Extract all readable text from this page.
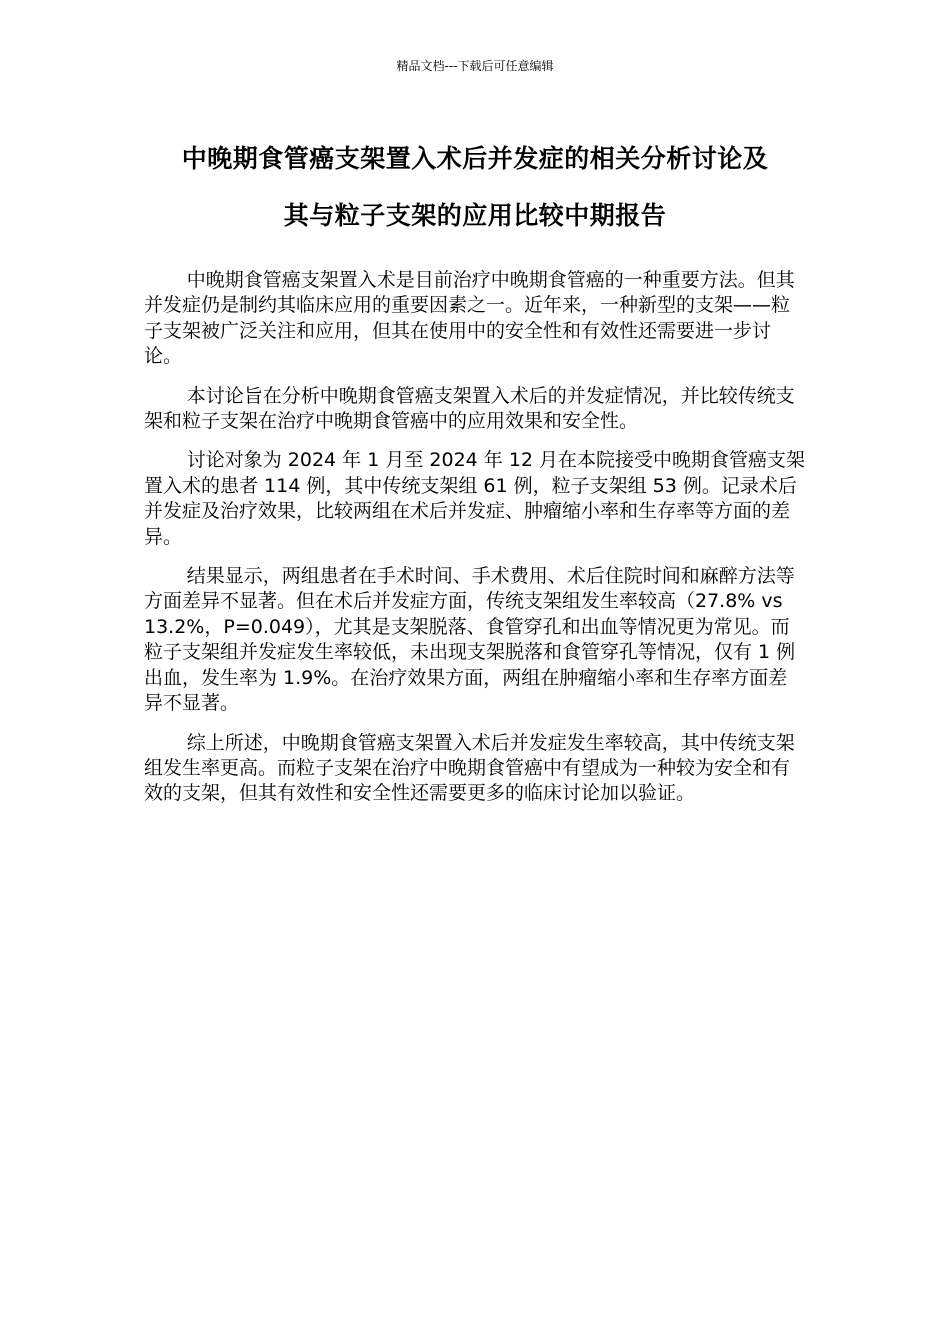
精品文档---下载后可任意编辑
中晚期食管癌支架置入术后并发症的相关分析讨论及
其与粒子支架的应用比较中期报告

中晚期食管癌支架置入术是目前治疗中晚期食管癌的一种重要方法。但其并发症仍是制约其临床应用的重要因素之一。近年来，一种新型的支架——粒子支架被广泛关注和应用，但其在使用中的安全性和有效性还需要进一步讨论。

本讨论旨在分析中晚期食管癌支架置入术后的并发症情况，并比较传统支架和粒子支架在治疗中晚期食管癌中的应用效果和安全性。

讨论对象为 2024 年 1 月至 2024 年 12 月在本院接受中晚期食管癌支架置入术的患者 114 例，其中传统支架组 61 例，粒子支架组 53 例。记录术后并发症及治疗效果，比较两组在术后并发症、肿瘤缩小率和生存率等方面的差异。

结果显示，两组患者在手术时间、手术费用、术后住院时间和麻醉方法等方面差异不显著。但在术后并发症方面，传统支架组发生率较高（27.8% vs 13.2%，P=0.049），尤其是支架脱落、食管穿孔和出血等情况更为常见。而粒子支架组并发症发生率较低，未出现支架脱落和食管穿孔等情况，仅有 1 例出血，发生率为 1.9%。在治疗效果方面，两组在肿瘤缩小率和生存率方面差异不显著。

综上所述，中晚期食管癌支架置入术后并发症发生率较高，其中传统支架组发生率更高。而粒子支架在治疗中晚期食管癌中有望成为一种较为安全和有效的支架，但其有效性和安全性还需要更多的临床讨论加以验证。
